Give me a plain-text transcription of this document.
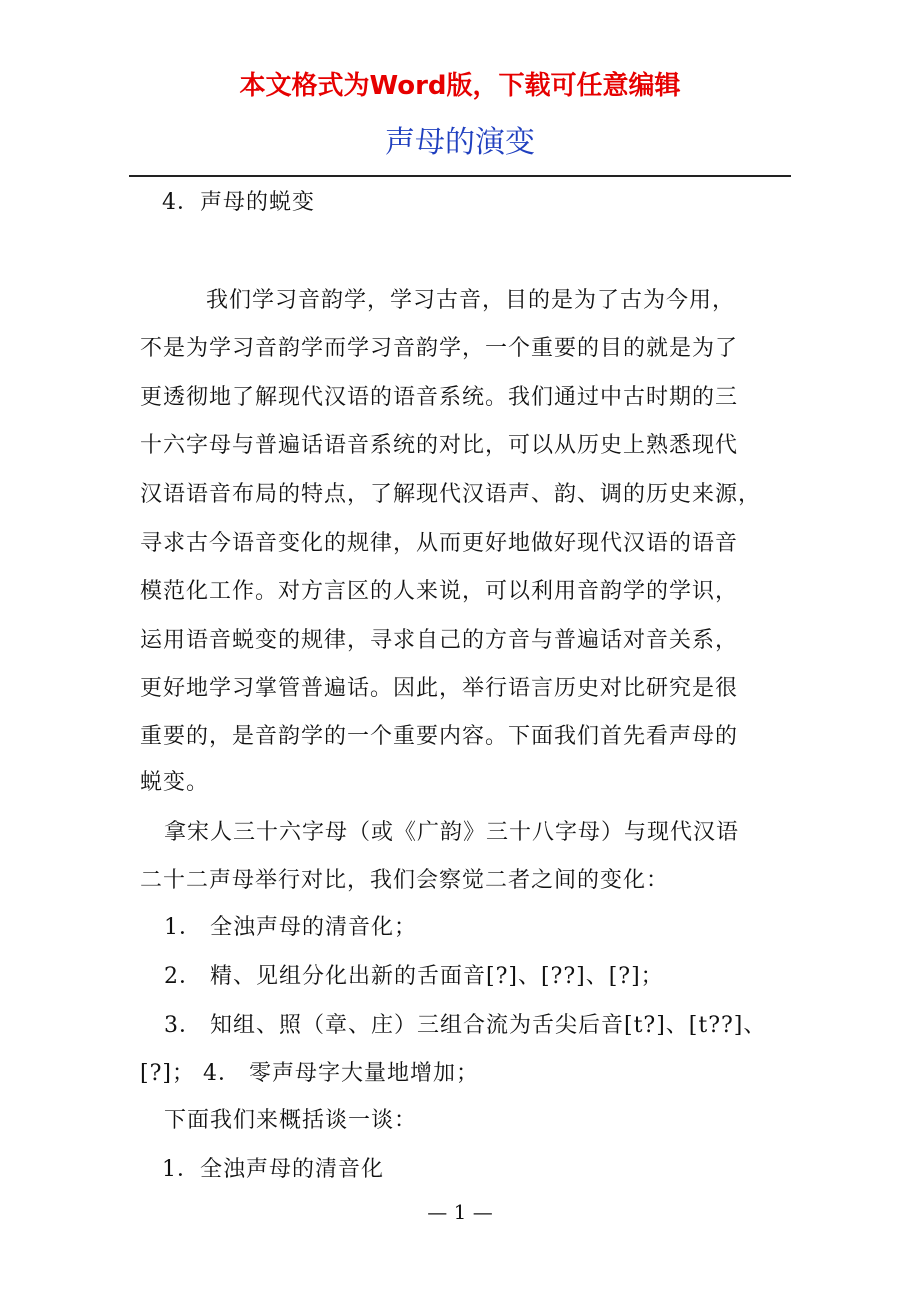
本文格式为Word版，下载可任意编辑
声母的演变
4．声母的蜕变
我们学习音韵学，学习古音，目的是为了古为今用，
不是为学习音韵学而学习音韵学，一个重要的目的就是为了
更透彻地了解现代汉语的语音系统。我们通过中古时期的三
十六字母与普遍话语音系统的对比，可以从历史上熟悉现代
汉语语音布局的特点，了解现代汉语声、韵、调的历史来源，
寻求古今语音变化的规律，从而更好地做好现代汉语的语音
模范化工作。对方言区的人来说，可以利用音韵学的学识，
运用语音蜕变的规律，寻求自己的方音与普遍话对音关系，
更好地学习掌管普遍话。因此，举行语言历史对比研究是很
重要的，是音韵学的一个重要内容。下面我们首先看声母的
蜕变。
拿宋人三十六字母（或《广韵》三十八字母）与现代汉语
二十二声母举行对比，我们会察觉二者之间的变化：
1． 全浊声母的清音化；
2． 精、见组分化出新的舌面音[?]、[??]、[?]；
3． 知组、照（章、庄）三组合流为舌尖后音[t?]、[t??]、
[?]； 4． 零声母字大量地增加；
下面我们来概括谈一谈：
1．全浊声母的清音化
— 1 —
